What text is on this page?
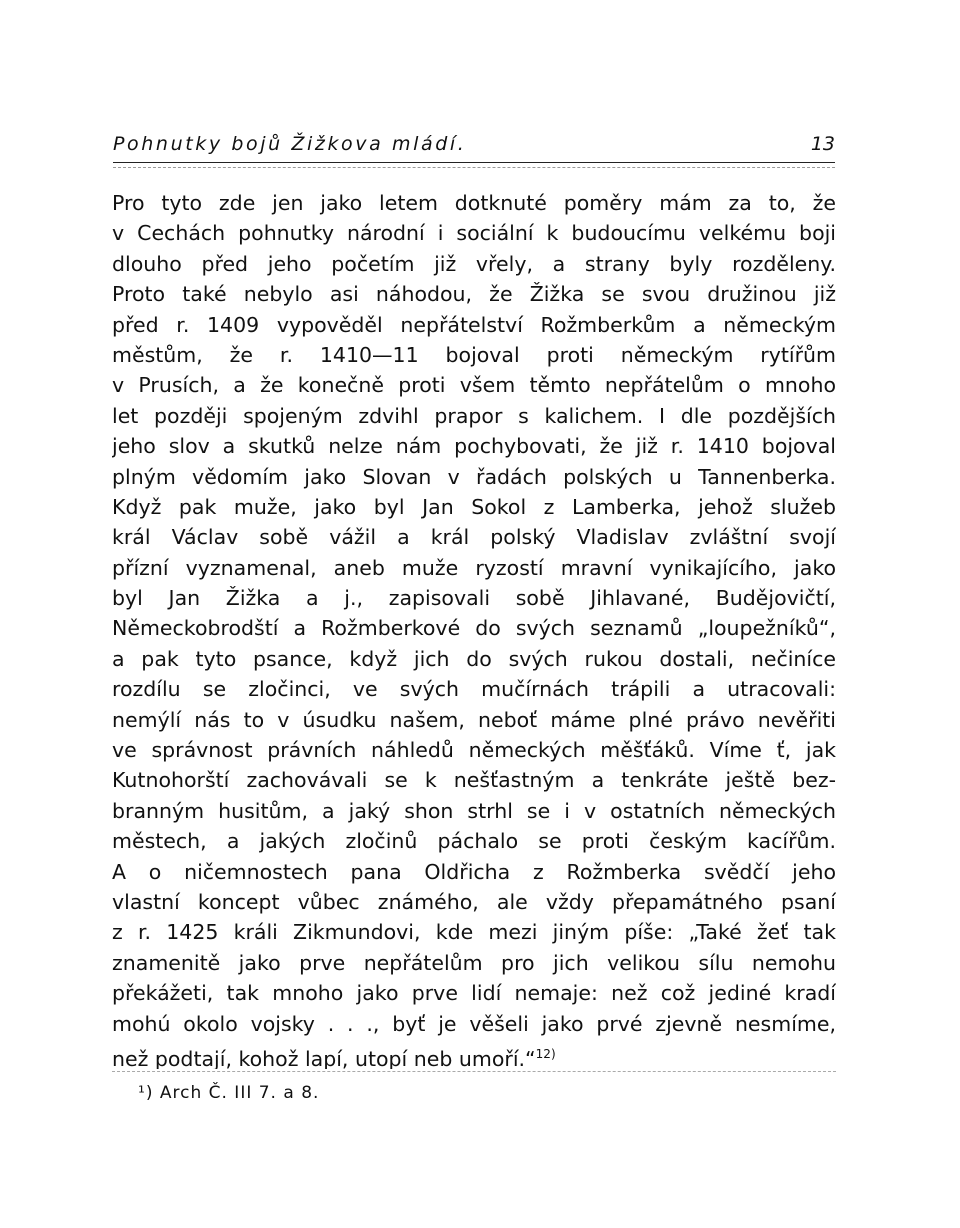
Pohnutky bojů Žižkova mládí.	13
Pro tyto zde jen jako letem dotknuté poměry mám za to, že
v Cechách pohnutky národní i sociální k budoucímu velkému boji
dlouho před jeho početím již vřely, a strany byly rozděleny.
Proto také nebylo asi náhodou, že Žižka se svou družinou již
před r. 1409 vypověděl nepřátelství Rožmberkům a německým
městům, že r. 1410—11 bojoval proti německým rytířům
v Prusích, a že konečně proti všem těmto nepřátelům o mnoho
let později spojeným zdvihl prapor s kalichem. I dle pozdějších
jeho slov a skutků nelze nám pochybovati, že již r. 1410 bojoval
plným vědomím jako Slovan v řadách polských u Tannenberka.
Když pak muže, jako byl Jan Sokol z Lamberka, jehož služeb
král Václav sobě vážil a král polský Vladislav zvláštní svojí
přízní vyznamenal, aneb muže ryzostí mravní vynikajícího, jako
byl Jan Žižka a j., zapisovali sobě Jihlavané, Budějovičtí,
Německobrodští a Rožmberkové do svých seznamů „loupežníků“,
a pak tyto psance, když jich do svých rukou dostali, nečiníce
rozdílu se zločinci, ve svých mučírnách trápili a utracovali:
nemýlí nás to v úsudku našem, neboť máme plné právo nevěřiti
ve správnost právních náhledů německých měšťáků. Víme ť, jak
Kutnohorští zachovávali se k nešťastným a tenkráte ještě bez-
branným husitům, a jaký shon strhl se i v ostatních německých
městech, a jakých zločinů páchalo se proti českým kacířům.
A o ničemnostech pana Oldřicha z Rožmberka svědčí jeho
vlastní koncept vůbec známého, ale vždy přepamátného psaní
z r. 1425 králi Zikmundovi, kde mezi jiným píše: „Také žeť tak
znamenitě jako prve nepřátelům pro jich velikou sílu nemohu
překážeti, tak mnoho jako prve lidí nemaje: než což jediné kradí
mohú okolo vojsky . . ., byť je věšeli jako prvé zjevně nesmíme,
než podtají, kohož lapí, utopí neb umoří.“$^{12)}$
¹) Arch Č. III 7. a 8.
